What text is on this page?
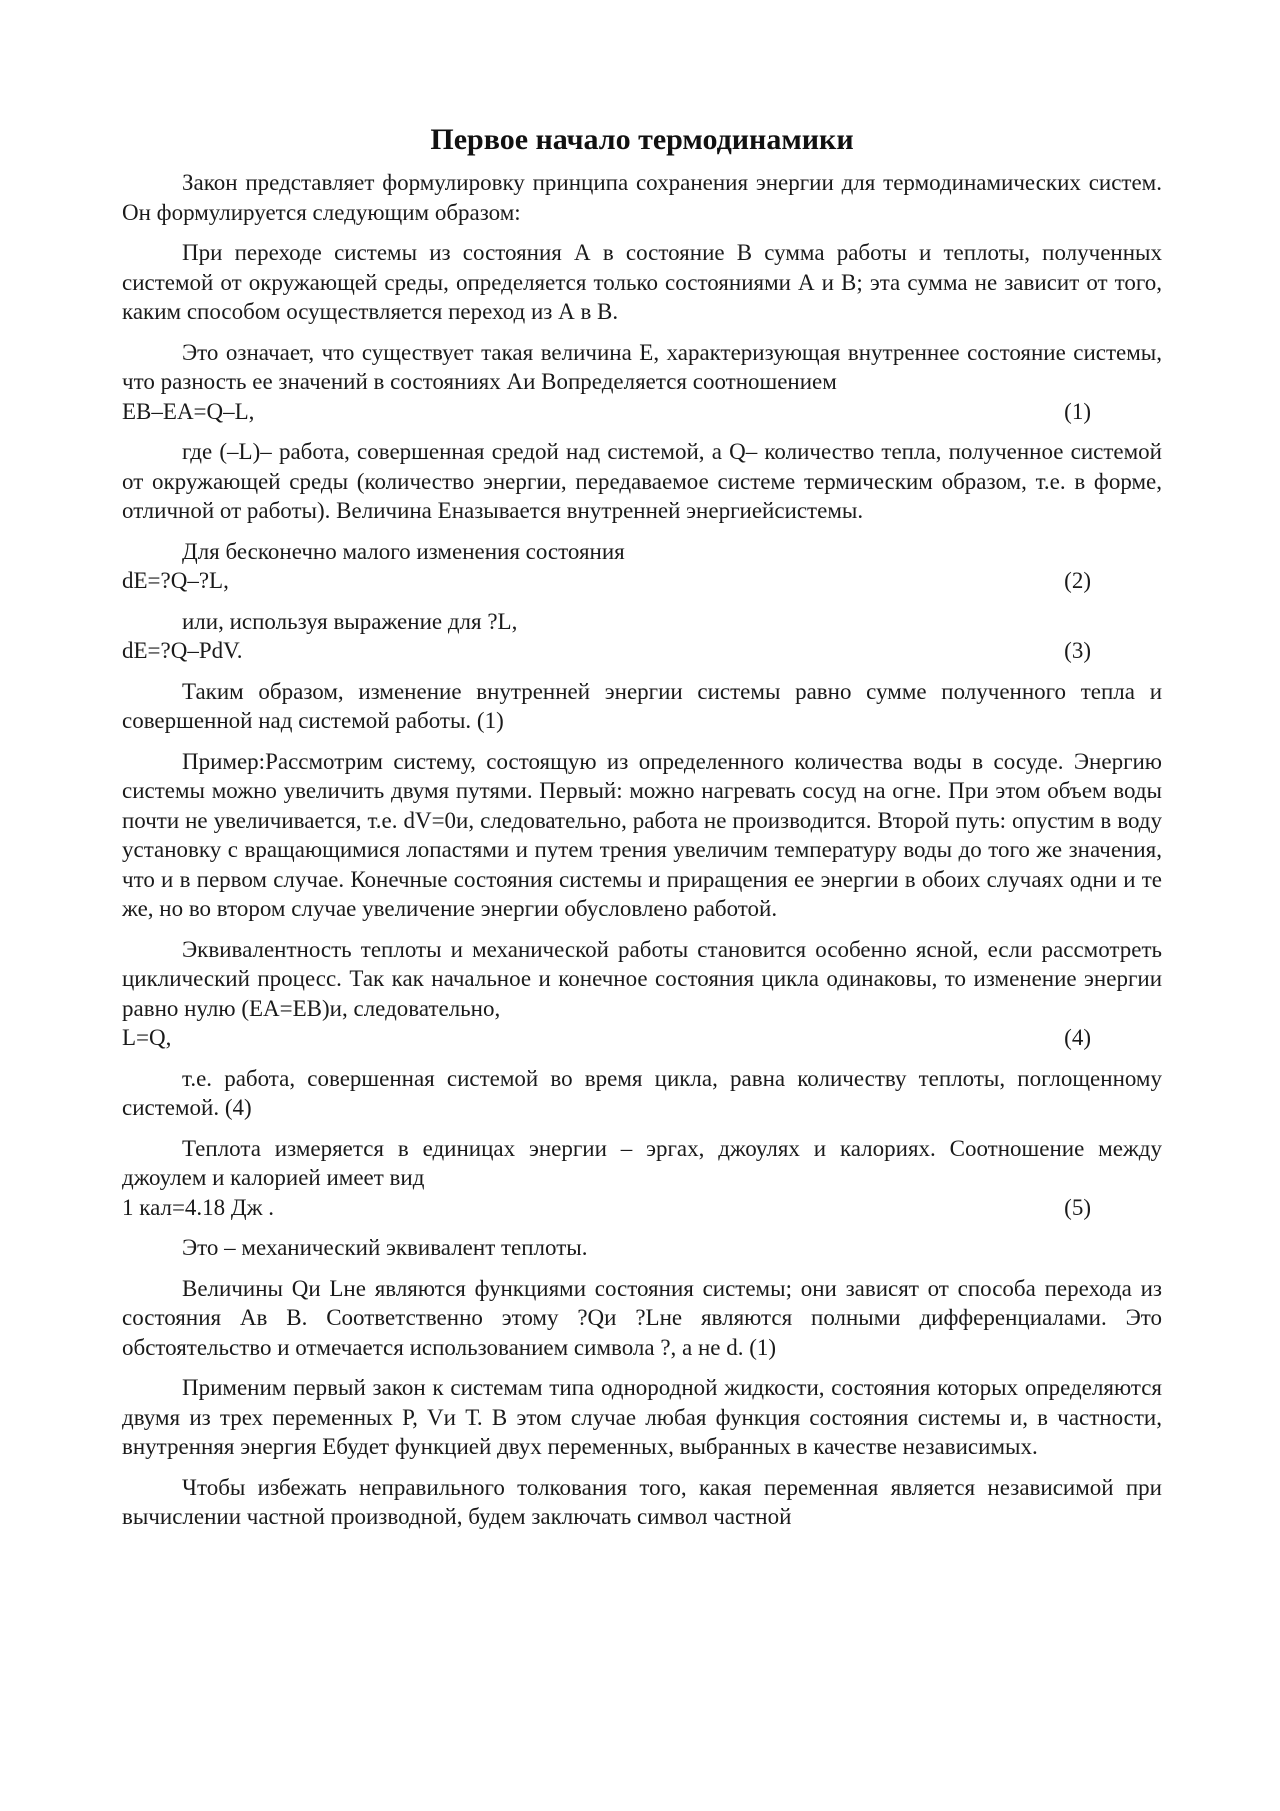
Первое начало термодинамики

Закон представляет формулировку принципа сохранения энергии для термодинамических систем. Он формулируется следующим образом:

При переходе системы из состояния А в состояние В сумма работы и теплоты, полученных системой от окружающей среды, определяется только состояниями А и В; эта сумма не зависит от того, каким способом осуществляется переход из А в В.

Это означает, что существует такая величина Е, характеризующая внутреннее состояние системы, что разность ее значений в состояниях Аи Вопределяется соотношением

ЕВ–ЕА=Q–L,	(1)

где (–L)– работа, совершенная средой над системой, а Q– количество тепла, полученное системой от окружающей среды (количество энергии, передаваемое системе термическим образом, т.е. в форме, отличной от работы). Величина Еназывается внутренней энергиейсистемы.

Для бесконечно малого изменения состояния

dE=?Q–?L,	(2)

или, используя выражение для ?L,

dE=?Q–PdV.	(3)

Таким образом, изменение внутренней энергии системы равно сумме полученного тепла и совершенной над системой работы. (1)

Пример:Рассмотрим систему, состоящую из определенного количества воды в сосуде. Энергию системы можно увеличить двумя путями. Первый: можно нагревать сосуд на огне. При этом объем воды почти не увеличивается, т.е. dV=0и, следовательно, работа не производится. Второй путь: опустим в воду установку с вращающимися лопастями и путем трения увеличим температуру воды до того же значения, что и в первом случае. Конечные состояния системы и приращения ее энергии в обоих случаях одни и те же, но во втором случае увеличение энергии обусловлено работой.

Эквивалентность теплоты и механической работы становится особенно ясной, если рассмотреть циклический процесс. Так как начальное и конечное состояния цикла одинаковы, то изменение энергии равно нулю (ЕА=ЕВ)и, следовательно,

L=Q,	(4)

т.е. работа, совершенная системой во время цикла, равна количеству теплоты, поглощенному системой. (4)

Теплота измеряется в единицах энергии – эргах, джоулях и калориях. Соотношение между джоулем и калорией имеет вид

1 кал=4.18 Дж .	(5)

Это – механический эквивалент теплоты.

Величины Qи Lне являются функциями состояния системы; они зависят от способа перехода из состояния Ав В. Соответственно этому ?Qи ?Lне являются полными дифференциалами. Это обстоятельство и отмечается использованием символа ?, а не d. (1)

Применим первый закон к системам типа однородной жидкости, состояния которых определяются двумя из трех переменных Р, Vи Т. В этом случае любая функция состояния системы и, в частности, внутренняя энергия Ебудет функцией двух переменных, выбранных в качестве независимых.

Чтобы избежать неправильного толкования того, какая переменная является независимой при вычислении частной производной, будем заключать символ частной
